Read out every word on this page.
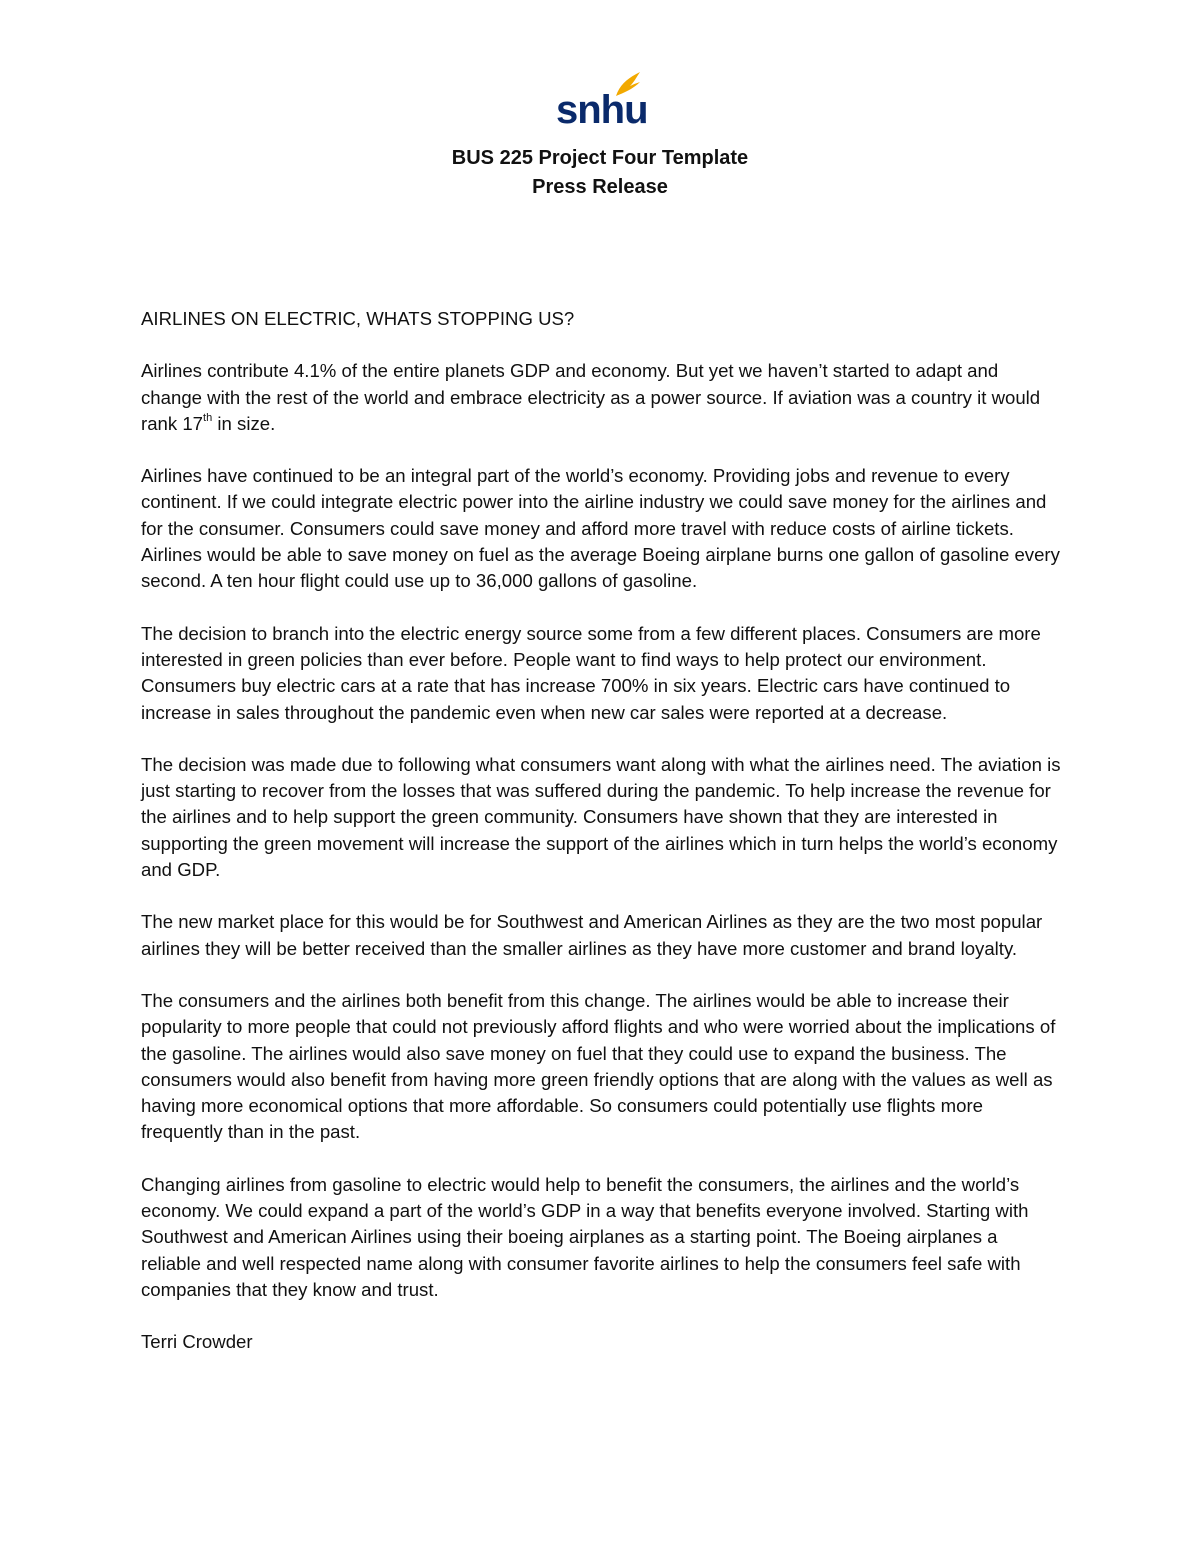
snhu
BUS 225 Project Four Template
Press Release
AIRLINES ON ELECTRIC, WHATS STOPPING US?

Airlines contribute 4.1% of the entire planets GDP and economy. But yet we haven’t started to adapt and change with the rest of the world and embrace electricity as a power source. If aviation was a country it would rank 17th in size.

Airlines have continued to be an integral part of the world’s economy. Providing jobs and revenue to every continent. If we could integrate electric power into the airline industry we could save money for the airlines and for the consumer. Consumers could save money and afford more travel with reduce costs of airline tickets. Airlines would be able to save money on fuel as the average Boeing airplane burns one gallon of gasoline every second. A ten hour flight could use up to 36,000 gallons of gasoline.

The decision to branch into the electric energy source some from a few different places. Consumers are more interested in green policies than ever before. People want to find ways to help protect our environment. Consumers buy electric cars at a rate that has increase 700% in six years. Electric cars have continued to increase in sales throughout the pandemic even when new car sales were reported at a decrease.

The decision was made due to following what consumers want along with what the airlines need. The aviation is just starting to recover from the losses that was suffered during the pandemic. To help increase the revenue for the airlines and to help support the green community. Consumers have shown that they are interested in supporting the green movement will increase the support of the airlines which in turn helps the world’s economy and GDP.

The new market place for this would be for Southwest and American Airlines as they are the two most popular airlines they will be better received than the smaller airlines as they have more customer and brand loyalty.

The consumers and the airlines both benefit from this change. The airlines would be able to increase their popularity to more people that could not previously afford flights and who were worried about the implications of the gasoline. The airlines would also save money on fuel that they could use to expand the business. The consumers would also benefit from having more green friendly options that are along with the values as well as having more economical options that more affordable. So consumers could potentially use flights more frequently than in the past.

Changing airlines from gasoline to electric would help to benefit the consumers, the airlines and the world’s economy. We could expand a part of the world’s GDP in a way that benefits everyone involved. Starting with Southwest and American Airlines using their boeing airplanes as a starting point. The Boeing airplanes a reliable and well respected name along with consumer favorite airlines to help the consumers feel safe with companies that they know and trust.

Terri Crowder
